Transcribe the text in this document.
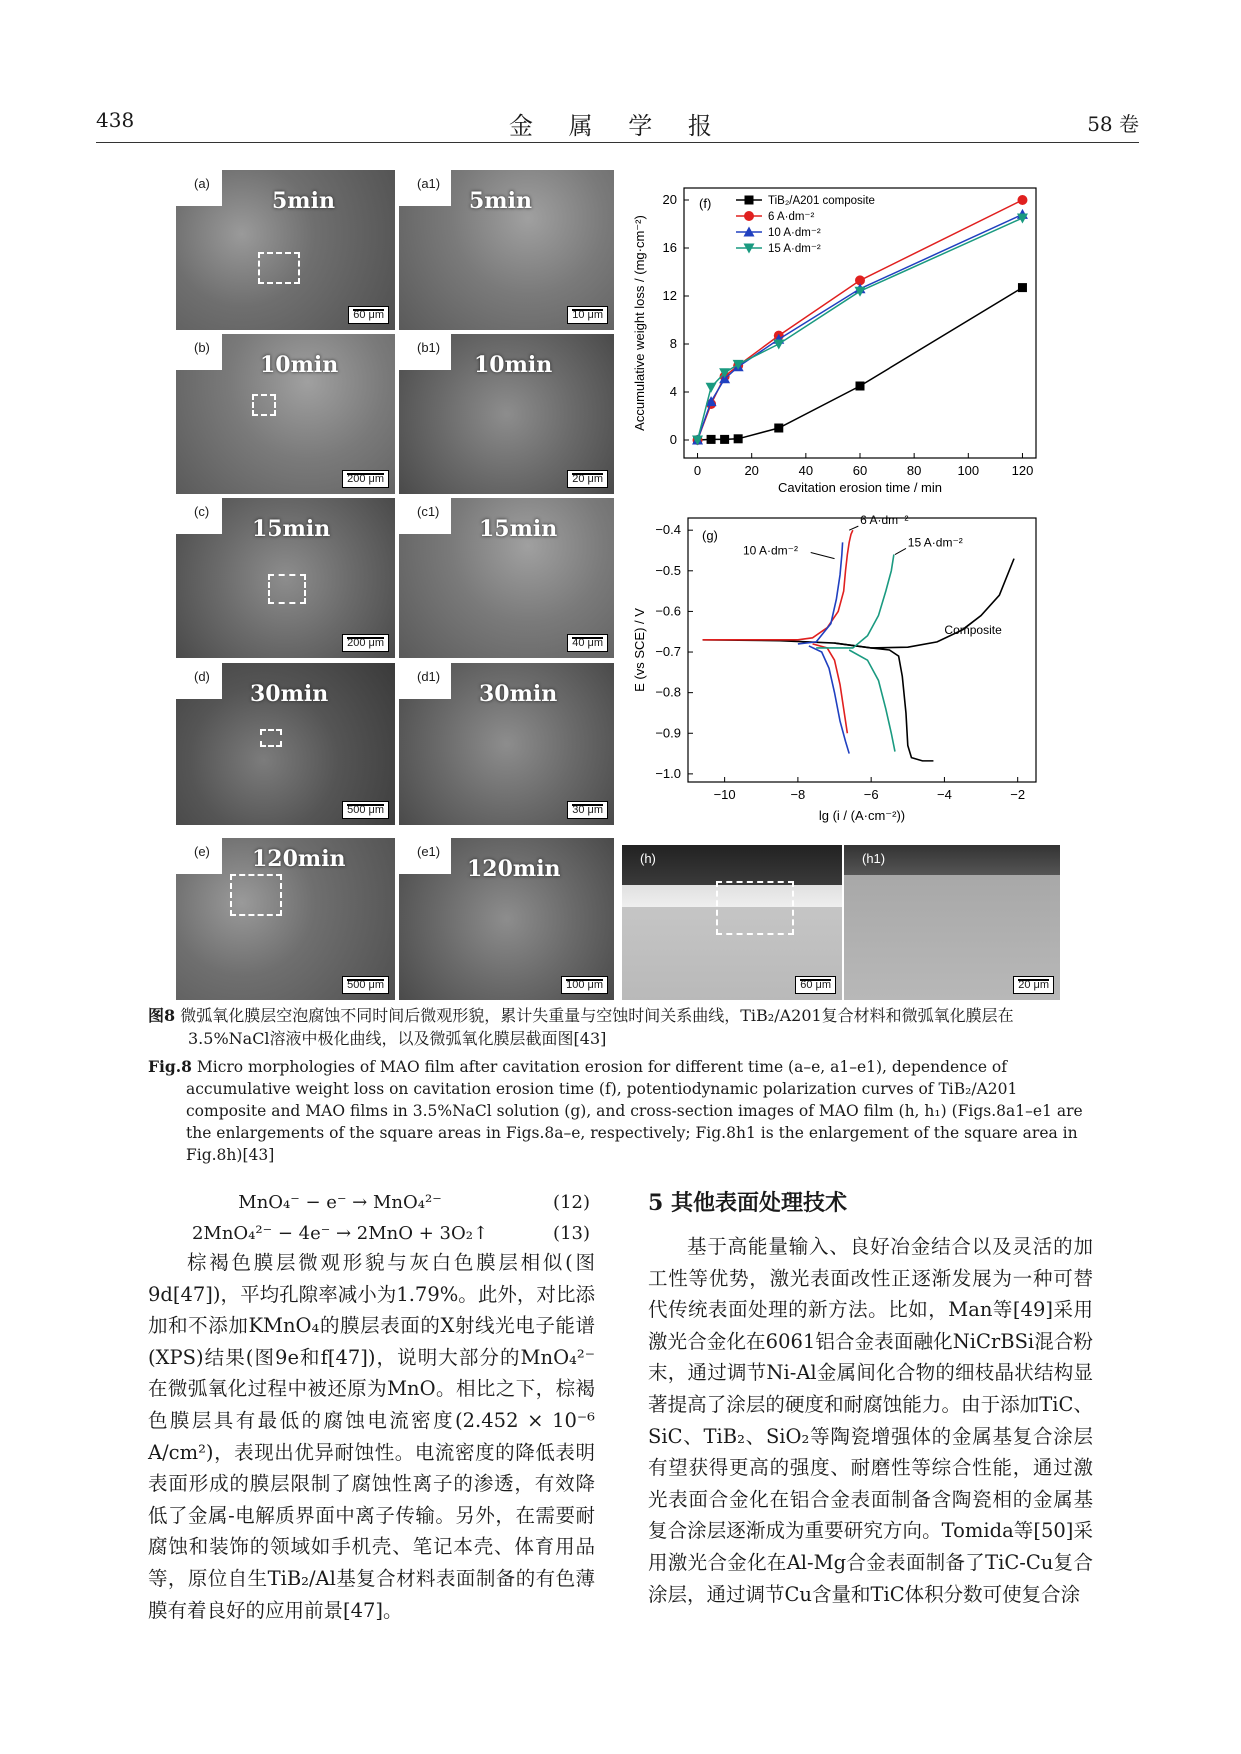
438	金 属 学 报	58 卷
(a)
5min
60 μm
(a1)
5min
10 μm
(b)
10min
200 μm
(b1)
10min
20 μm
(c)
15min
200 μm
(c1)
15min
40 μm
(d)
30min
500 μm
(d1)
30min
30 μm
(e)	120min
500 μm
(e1)
120min
100 μm
(h)
60 μm
(h1)
20 μm
(f)
0	20	40	60	80	100 120
0
4
8
12
16
20	TiB₂/A201 composite
6 A·dm⁻²
10 A·dm⁻²
15 A·dm⁻²
Cavitation erosion time / min
Accumulative weight loss / (mg·cm⁻²)
(g)
−10	−8	−6	−4	−2
−0.4
−0.5
−0.6
−0.7
−0.8
−0.9
−1.0
6 A·dm⁻²
10 A·dm⁻²
15 A·dm⁻²
Composite
lg (i / (A·cm⁻²))
E (vs SCE) / V
图8 微弧氧化膜层空泡腐蚀不同时间后微观形貌，累计失重量与空蚀时间关系曲线，TiB₂/A201复合材料和微弧氧化膜层在3.5%NaCl溶液中极化曲线，以及微弧氧化膜层截面图[43]
Fig.8 Micro morphologies of MAO film after cavitation erosion for different time (a–e, a1–e1), dependence of accumulative weight loss on cavitation erosion time (f), potentiodynamic polarization curves of TiB₂/A201 composite and MAO films in 3.5%NaCl solution (g), and cross-section images of MAO film (h, h₁) (Figs.8a1–e1 are the enlargements of the square areas in Figs.8a–e, respectively; Fig.8h1 is the enlargement of the square area in Fig.8h)[43]
MnO₄⁻ − e⁻ → MnO₄²⁻	(12)
2MnO₄²⁻ − 4e⁻ → 2MnO + 3O₂↑	(13)

棕褐色膜层微观形貌与灰白色膜层相似(图9d[47])，平均孔隙率减小为1.79%。此外，对比添加和不添加KMnO₄的膜层表面的X射线光电子能谱(XPS)结果(图9e和f[47])，说明大部分的MnO₄²⁻在微弧氧化过程中被还原为MnO。相比之下，棕褐色膜层具有最低的腐蚀电流密度(2.452 × 10⁻⁶ A/cm²)，表现出优异耐蚀性。电流密度的降低表明表面形成的膜层限制了腐蚀性离子的渗透，有效降低了金属-电解质界面中离子传输。另外，在需要耐腐蚀和装饰的领域如手机壳、笔记本壳、体育用品等，原位自生TiB₂/Al基复合材料表面制备的有色薄膜有着良好的应用前景[47]。

5 其他表面处理技术

基于高能量输入、良好冶金结合以及灵活的加工性等优势，激光表面改性正逐渐发展为一种可替代传统表面处理的新方法。比如，Man等[49]采用激光合金化在6061铝合金表面融化NiCrBSi混合粉末，通过调节Ni-Al金属间化合物的细枝晶状结构显著提高了涂层的硬度和耐腐蚀能力。由于添加TiC、SiC、TiB₂、SiO₂等陶瓷增强体的金属基复合涂层有望获得更高的强度、耐磨性等综合性能，通过激光表面合金化在铝合金表面制备含陶瓷相的金属基复合涂层逐渐成为重要研究方向。Tomida等[50]采用激光合金化在Al-Mg合金表面制备了TiC-Cu复合涂层，通过调节Cu含量和TiC体积分数可使复合涂
